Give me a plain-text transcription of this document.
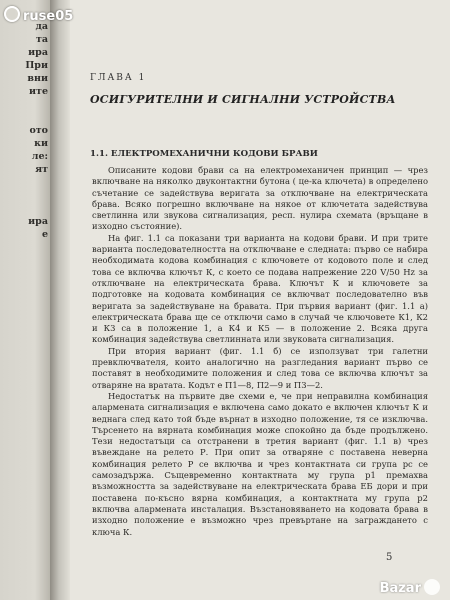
да
та
ира
При
вни
ите
ото
ки
ле:
ят
ира
е
ГЛАВА 1
ОСИГУРИТЕЛНИ И СИГНАЛНИ УСТРОЙСТВА
1.1. ЕЛЕКТРОМЕХАНИЧНИ КОДОВИ БРАВИ

Описаните кодови брави са на електромеханичен принцип — чрез включване на няколко двуконтактни бутона ( це-ка ключета) в определено съчетание се задействува веригата за отключване на електрическата брава. Всяко погрешно включване на някое от ключетата задействува светлинна или звукова сигнализация, респ. нулира схемата (връщане в изходно състояние).

На фиг. 1.1 са показани три варианта на кодови брави. И при трите варианта последователността на отключване е следната: първо се набира необходимата кодова комбинация с ключовете от кодовото поле и след това се включва ключът К, с което се подава напрежение 220 V/50 Hz за отключване на електрическата брава. Ключът К и ключовете за подготовке на кодовата комбинация се включват последователно във веригата за задействуване на бравата. При първия вариант (фиг. 1.1 а) електрическата брава ще се отключи само в случай че ключовете К1, К2 и К3 са в положение 1, а К4 и К5 — в положение 2. Всяка друга комбинация задействува светлинната или звуковата сигнализация.

При втория вариант (фиг. 1.1 б) се използуват три галетни превключвателя, които аналогично на разгледания вариант първо се поставят в необходимите положения и след това се включва ключът за отваряне на вратата. Кодът е П1—8, П2—9 и П3—2.

Недостатък на първите две схеми е, че при неправилна комбинация алармената сигнализация е включена само докато е включен ключът К и веднага след като той бъде върнат в изходно положение, тя се изключва. Търсенето на вярната комбинация може спокойно да бъде продължено. Тези недостатъци са отстранени в третия вариант (фиг. 1.1 в) чрез въвеждане на релето Р. При опит за отваряне с поставена неверна комбинация релето Р се включва и чрез контактната си група рс се самозадържа. Същевременно контактната му група р1 премахва възможността за задействуване на електрическата брава ЕБ дори и при поставена по-късно вярна комбинация, а контактната му група р2 включва алармената инсталация. Възстановяването на кодовата брава в изходно положение е възможно чрез превъртане на заграждането с ключа К.

5
ruse05
Bazar
